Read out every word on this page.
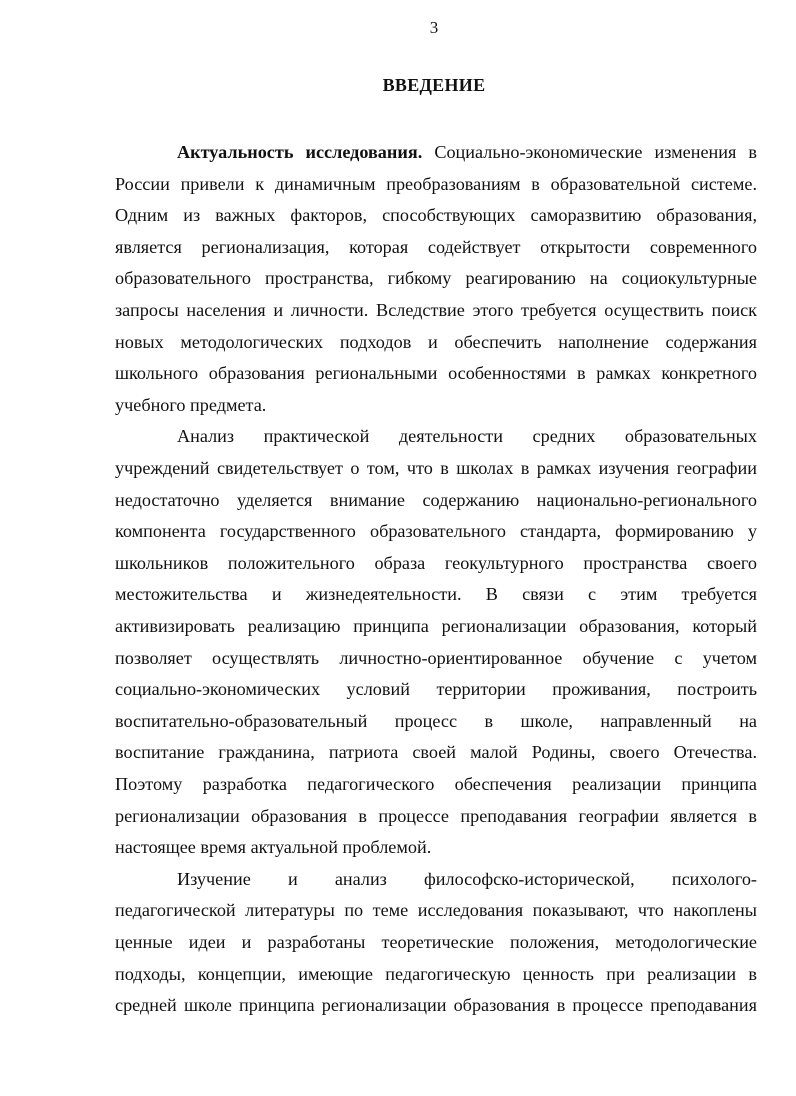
3
ВВЕДЕНИЕ
Актуальность исследования. Социально-экономические изменения в
России привели к динамичным преобразованиям в образовательной системе.
Одним из важных факторов, способствующих саморазвитию образования,
является регионализация, которая содействует открытости современного
образовательного пространства, гибкому реагированию на социокультурные
запросы населения и личности. Вследствие этого требуется осуществить поиск
новых методологических подходов и обеспечить наполнение содержания
школьного образования региональными особенностями в рамках конкретного
учебного предмета.
Анализ практической деятельности средних образовательных
учреждений свидетельствует о том, что в школах в рамках изучения географии
недостаточно уделяется внимание содержанию национально-регионального
компонента государственного образовательного стандарта, формированию у
школьников положительного образа геокультурного пространства своего
местожительства и жизнедеятельности. В связи с этим требуется
активизировать реализацию принципа регионализации образования, который
позволяет осуществлять личностно-ориентированное обучение с учетом
социально-экономических условий территории проживания, построить
воспитательно-образовательный процесс в школе, направленный на
воспитание гражданина, патриота своей малой Родины, своего Отечества.
Поэтому разработка педагогического обеспечения реализации принципа
регионализации образования в процессе преподавания географии является в
настоящее время актуальной проблемой.
Изучение и анализ философско-исторической, психолого-
педагогической литературы по теме исследования показывают, что накоплены
ценные идеи и разработаны теоретические положения, методологические
подходы, концепции, имеющие педагогическую ценность при реализации в
средней школе принципа регионализации образования в процессе преподавания
